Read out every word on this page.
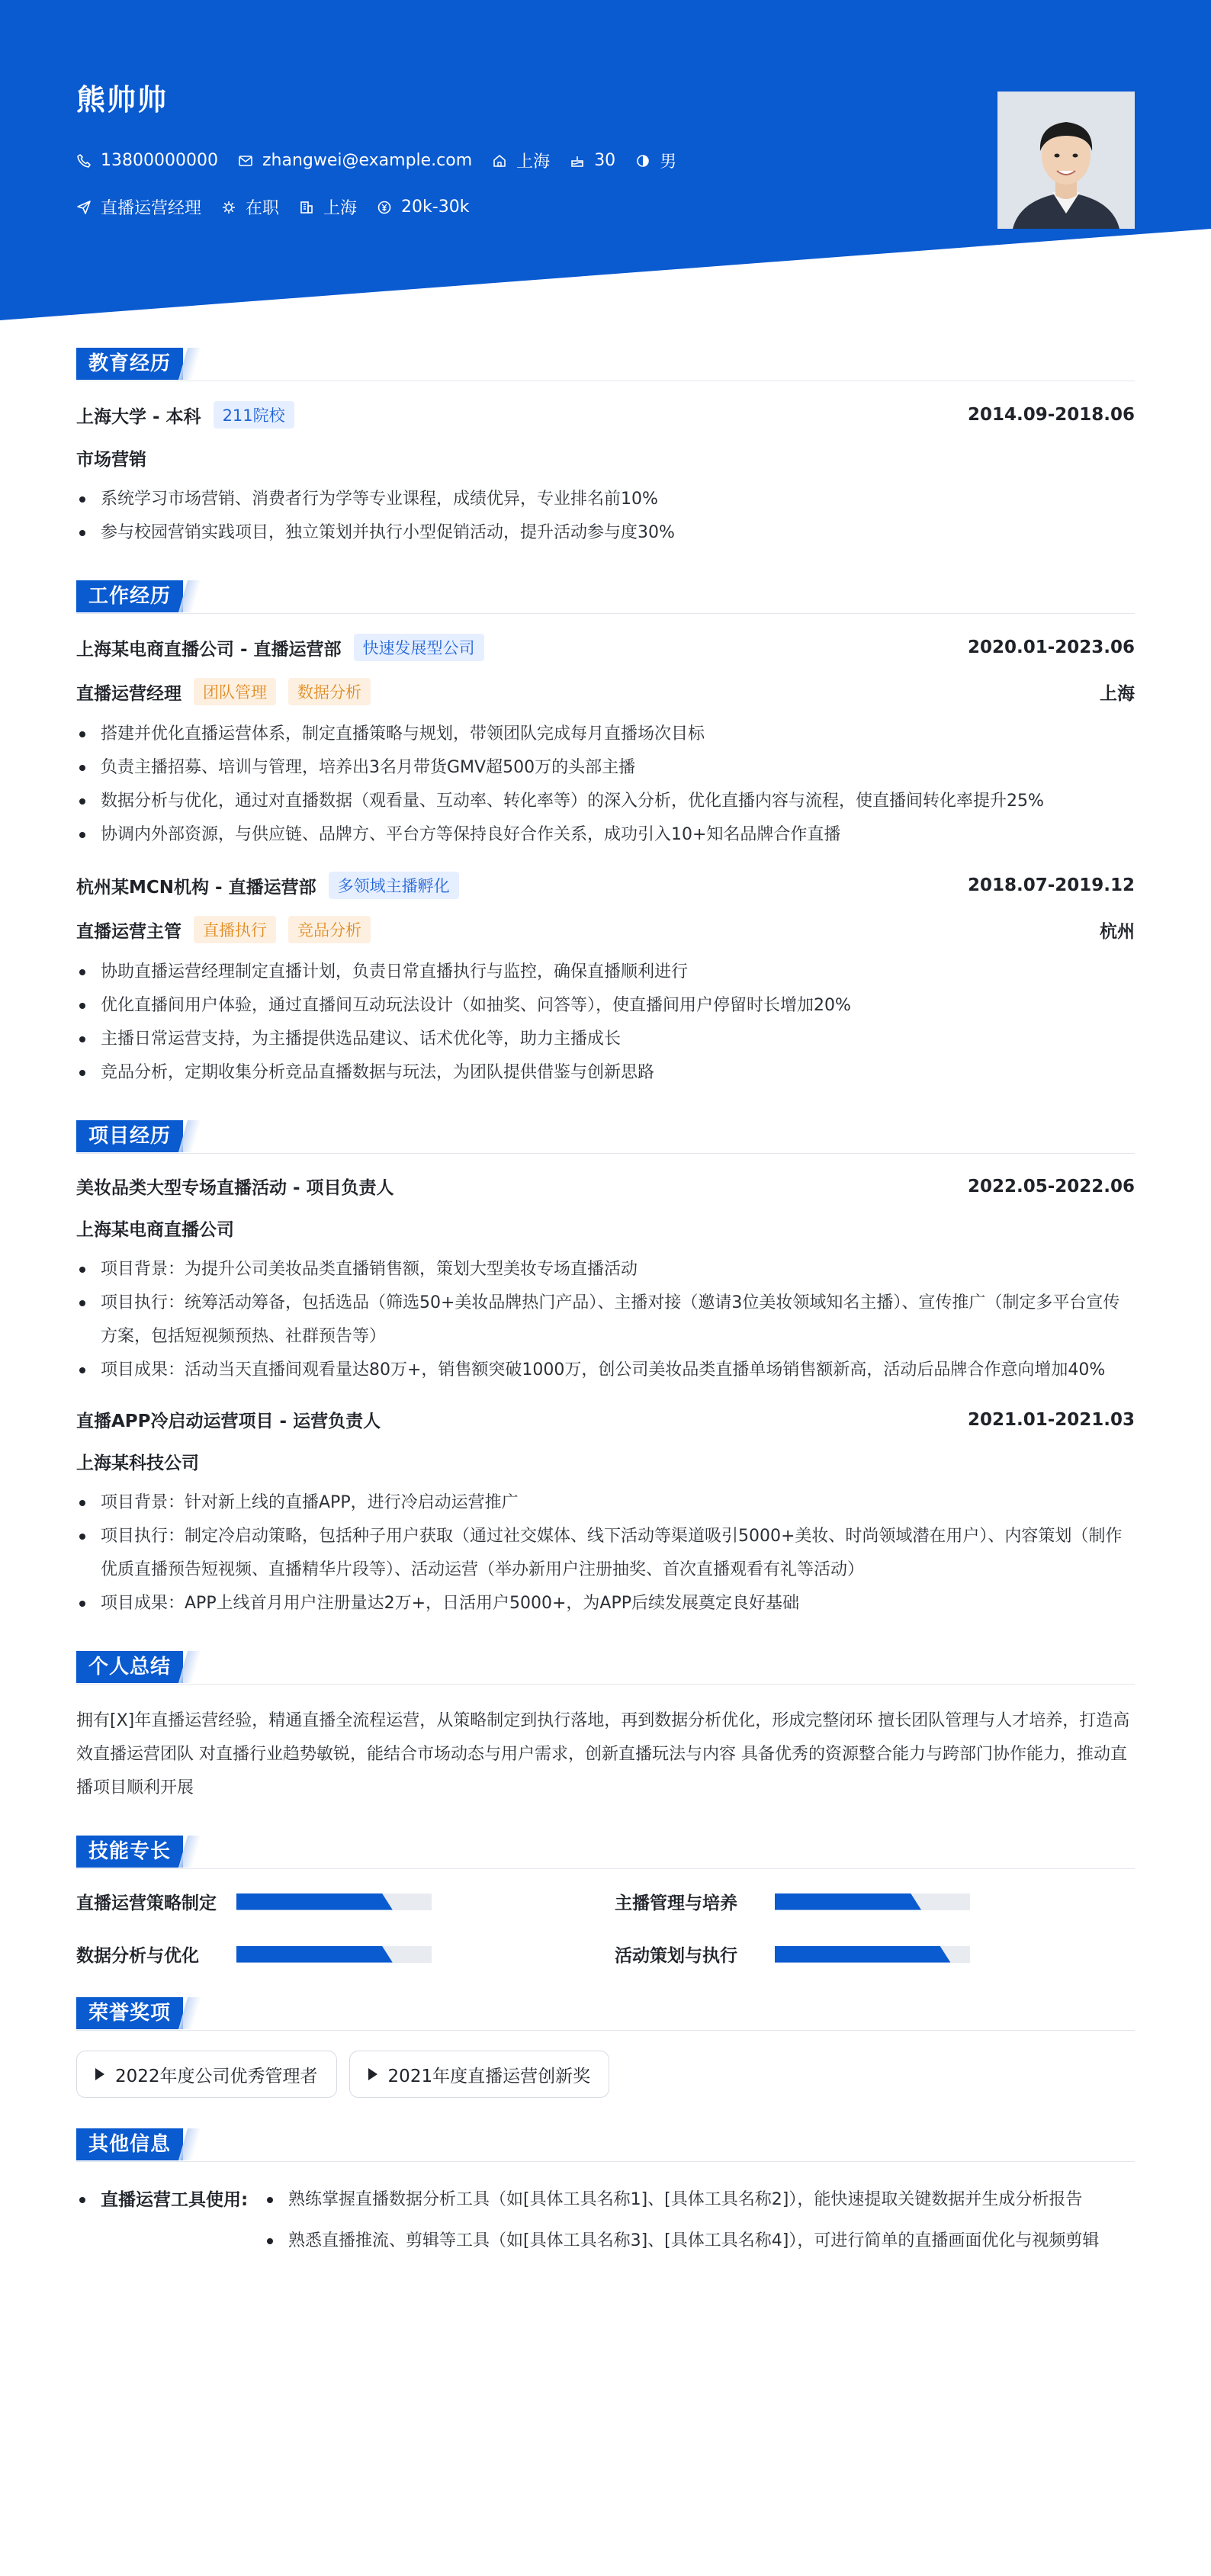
熊帅帅
13800000000	zhangwei@example.com	上海	30	男
直播运营经理	在职	上海	20k-30k
教育经历
上海大学 - 本科	211院校	2014.09-2018.06
市场营销
系统学习市场营销、消费者行为学等专业课程，成绩优异，专业排名前10%
参与校园营销实践项目，独立策划并执行小型促销活动，提升活动参与度30%
工作经历
上海某电商直播公司 - 直播运营部	快速发展型公司	2020.01-2023.06
直播运营经理	团队管理	数据分析	上海
搭建并优化直播运营体系，制定直播策略与规划，带领团队完成每月直播场次目标
负责主播招募、培训与管理，培养出3名月带货GMV超500万的头部主播
数据分析与优化，通过对直播数据（观看量、互动率、转化率等）的深入分析，优化直播内容与流程，使直播间转化率提升25%
协调内外部资源，与供应链、品牌方、平台方等保持良好合作关系，成功引入10+知名品牌合作直播
杭州某MCN机构 - 直播运营部	多领域主播孵化	2018.07-2019.12
直播运营主管	直播执行	竞品分析	杭州
协助直播运营经理制定直播计划，负责日常直播执行与监控，确保直播顺利进行
优化直播间用户体验，通过直播间互动玩法设计（如抽奖、问答等），使直播间用户停留时长增加20%
主播日常运营支持，为主播提供选品建议、话术优化等，助力主播成长
竞品分析，定期收集分析竞品直播数据与玩法，为团队提供借鉴与创新思路
项目经历
美妆品类大型专场直播活动 - 项目负责人	2022.05-2022.06
上海某电商直播公司
项目背景：为提升公司美妆品类直播销售额，策划大型美妆专场直播活动
项目执行：统筹活动筹备，包括选品（筛选50+美妆品牌热门产品）、主播对接（邀请3位美妆领域知名主播）、宣传推广（制定多平台宣传方案，包括短视频预热、社群预告等）
项目成果：活动当天直播间观看量达80万+，销售额突破1000万，创公司美妆品类直播单场销售额新高，活动后品牌合作意向增加40%
直播APP冷启动运营项目 - 运营负责人	2021.01-2021.03
上海某科技公司
项目背景：针对新上线的直播APP，进行冷启动运营推广
项目执行：制定冷启动策略，包括种子用户获取（通过社交媒体、线下活动等渠道吸引5000+美妆、时尚领域潜在用户）、内容策划（制作优质直播预告短视频、直播精华片段等）、活动运营（举办新用户注册抽奖、首次直播观看有礼等活动）
项目成果：APP上线首月用户注册量达2万+，日活用户5000+，为APP后续发展奠定良好基础
个人总结
拥有[X]年直播运营经验，精通直播全流程运营，从策略制定到执行落地，再到数据分析优化，形成完整闭环 擅长团队管理与人才培养，打造高效直播运营团队 对直播行业趋势敏锐，能结合市场动态与用户需求，创新直播玩法与内容 具备优秀的资源整合能力与跨部门协作能力，推动直播项目顺利开展
技能专长
直播运营策略制定	主播管理与培养
数据分析与优化	活动策划与执行
荣誉奖项
2022年度公司优秀管理者	2021年度直播运营创新奖
其他信息
直播运营工具使用:	熟练掌握直播数据分析工具（如[具体工具名称1]、[具体工具名称2]），能快速提取关键数据并生成分析报告
熟悉直播推流、剪辑等工具（如[具体工具名称3]、[具体工具名称4]），可进行简单的直播画面优化与视频剪辑
